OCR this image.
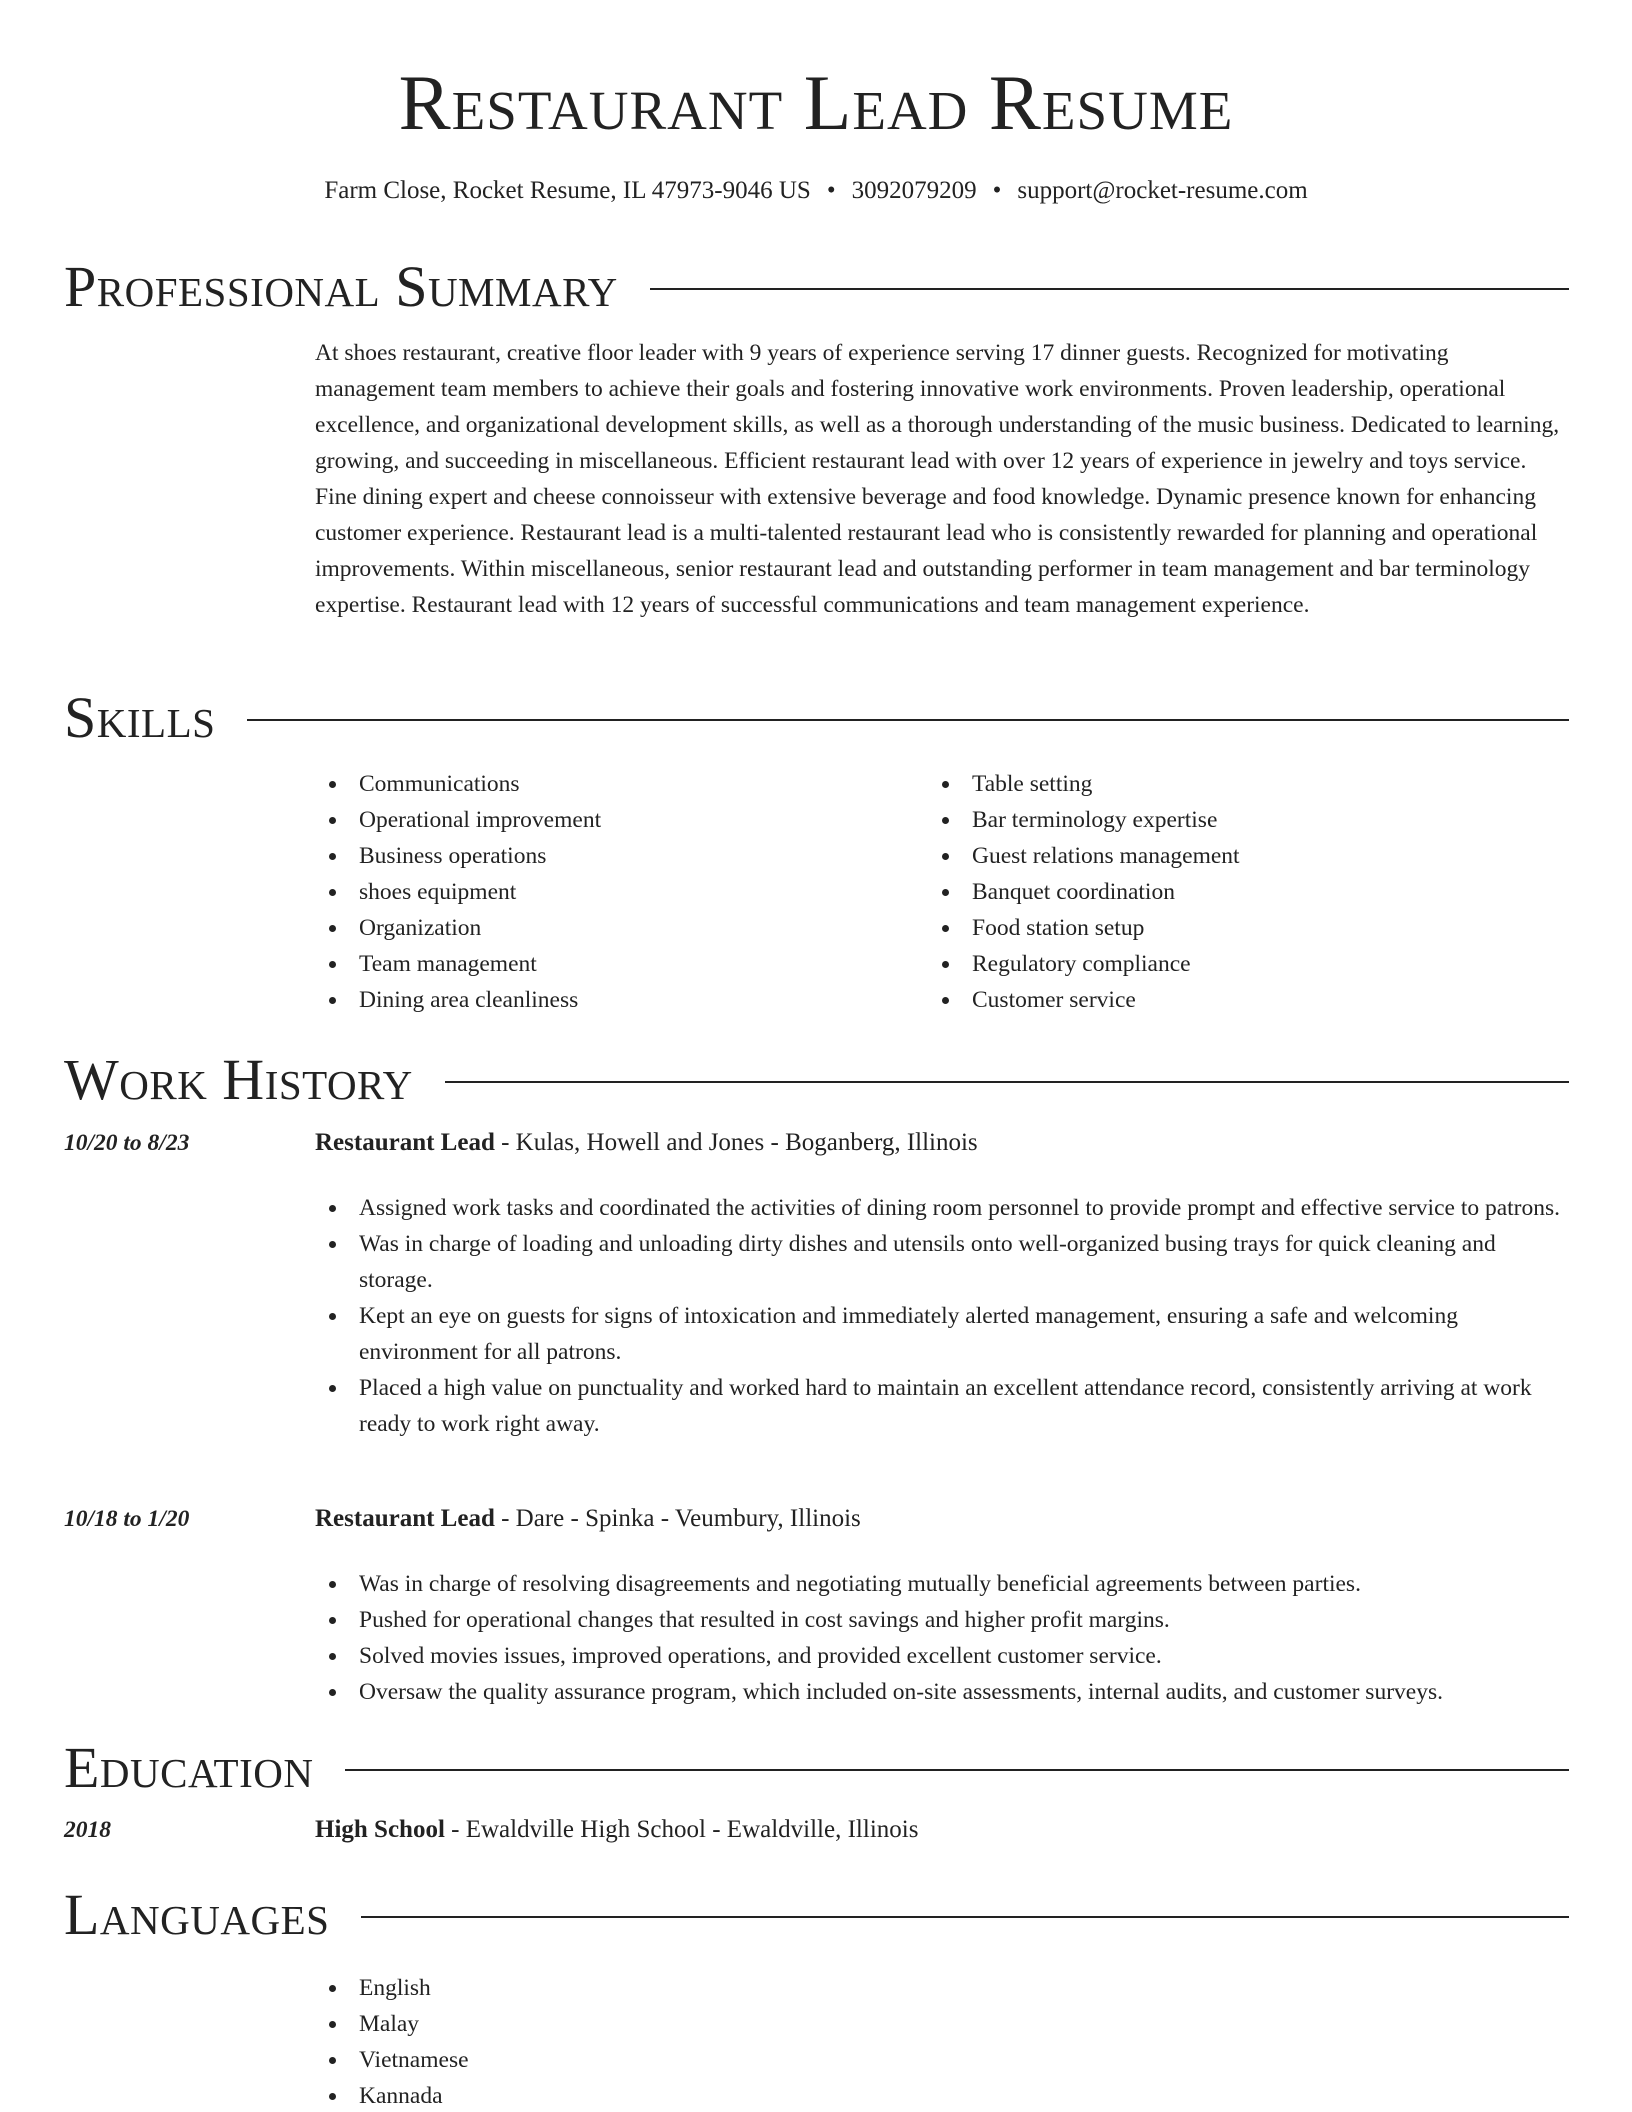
Restaurant Lead Resume
Farm Close, Rocket Resume, IL 47973-9046 US • 3092079209 • support@rocket-resume.com
Professional Summary
At shoes restaurant, creative floor leader with 9 years of experience serving 17 dinner guests. Recognized for motivating management team members to achieve their goals and fostering innovative work environments. Proven leadership, operational excellence, and organizational development skills, as well as a thorough understanding of the music business. Dedicated to learning, growing, and succeeding in miscellaneous. Efficient restaurant lead with over 12 years of experience in jewelry and toys service. Fine dining expert and cheese connoisseur with extensive beverage and food knowledge. Dynamic presence known for enhancing customer experience. Restaurant lead is a multi-talented restaurant lead who is consistently rewarded for planning and operational improvements. Within miscellaneous, senior restaurant lead and outstanding performer in team management and bar terminology expertise. Restaurant lead with 12 years of successful communications and team management experience.
Skills
Communications
Operational improvement
Business operations
shoes equipment
Organization
Team management
Dining area cleanliness
Table setting
Bar terminology expertise
Guest relations management
Banquet coordination
Food station setup
Regulatory compliance
Customer service
Work History
10/20 to 8/23	Restaurant Lead - Kulas, Howell and Jones - Boganberg, Illinois
Assigned work tasks and coordinated the activities of dining room personnel to provide prompt and effective service to patrons.
Was in charge of loading and unloading dirty dishes and utensils onto well-organized busing trays for quick cleaning and storage.
Kept an eye on guests for signs of intoxication and immediately alerted management, ensuring a safe and welcoming environment for all patrons.
Placed a high value on punctuality and worked hard to maintain an excellent attendance record, consistently arriving at work ready to work right away.
10/18 to 1/20	Restaurant Lead - Dare - Spinka - Veumbury, Illinois
Was in charge of resolving disagreements and negotiating mutually beneficial agreements between parties.
Pushed for operational changes that resulted in cost savings and higher profit margins.
Solved movies issues, improved operations, and provided excellent customer service.
Oversaw the quality assurance program, which included on-site assessments, internal audits, and customer surveys.
Education
2018	High School - Ewaldville High School - Ewaldville, Illinois
Languages
English
Malay
Vietnamese
Kannada
